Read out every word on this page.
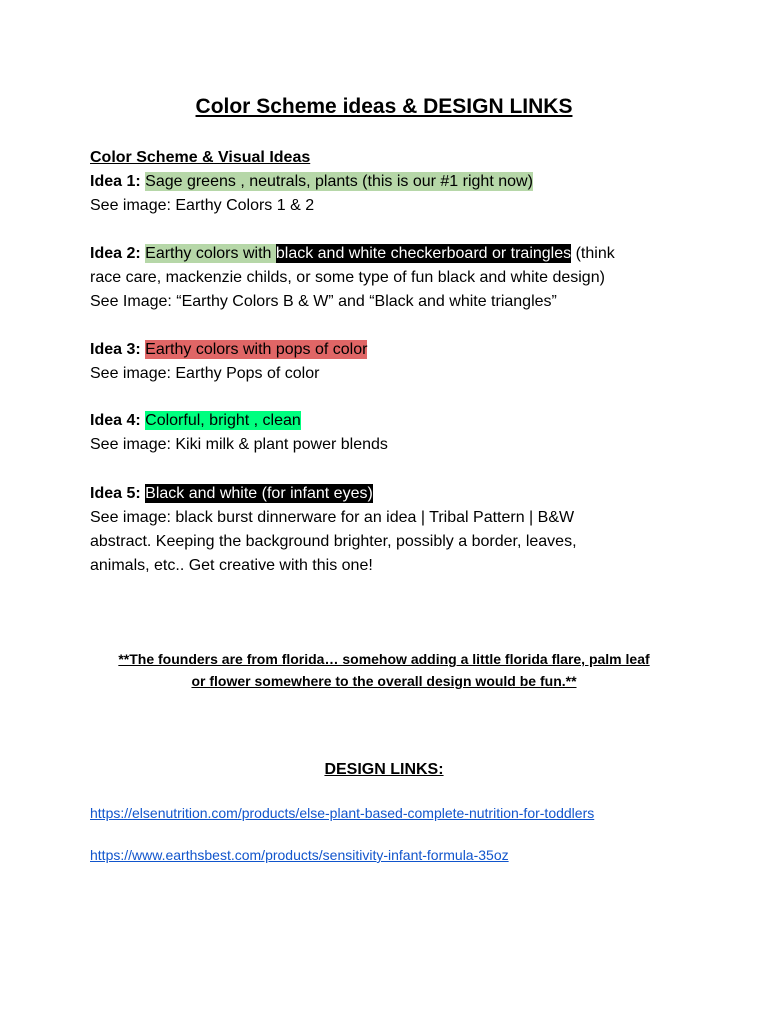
Color Scheme ideas & DESIGN LINKS
Color Scheme & Visual Ideas
Idea 1: Sage greens , neutrals, plants (this is our #1 right now)
See image: Earthy Colors 1 & 2
Idea 2: Earthy colors with black and white checkerboard or traingles (think
race care, mackenzie childs, or some type of fun black and white design)
See Image: “Earthy Colors B & W” and “Black and white triangles”
Idea 3: Earthy colors with pops of color
See image: Earthy Pops of color
Idea 4: Colorful, bright , clean
See image: Kiki milk & plant power blends
Idea 5: Black and white (for infant eyes)
See image: black burst dinnerware for an idea | Tribal Pattern | B&W
abstract. Keeping the background brighter, possibly a border, leaves,
animals, etc.. Get creative with this one!
**The founders are from florida… somehow adding a little florida flare, palm leaf
or flower somewhere to the overall design would be fun.**
DESIGN LINKS:
https://elsenutrition.com/products/else-plant-based-complete-nutrition-for-toddlers
https://www.earthsbest.com/products/sensitivity-infant-formula-35oz
